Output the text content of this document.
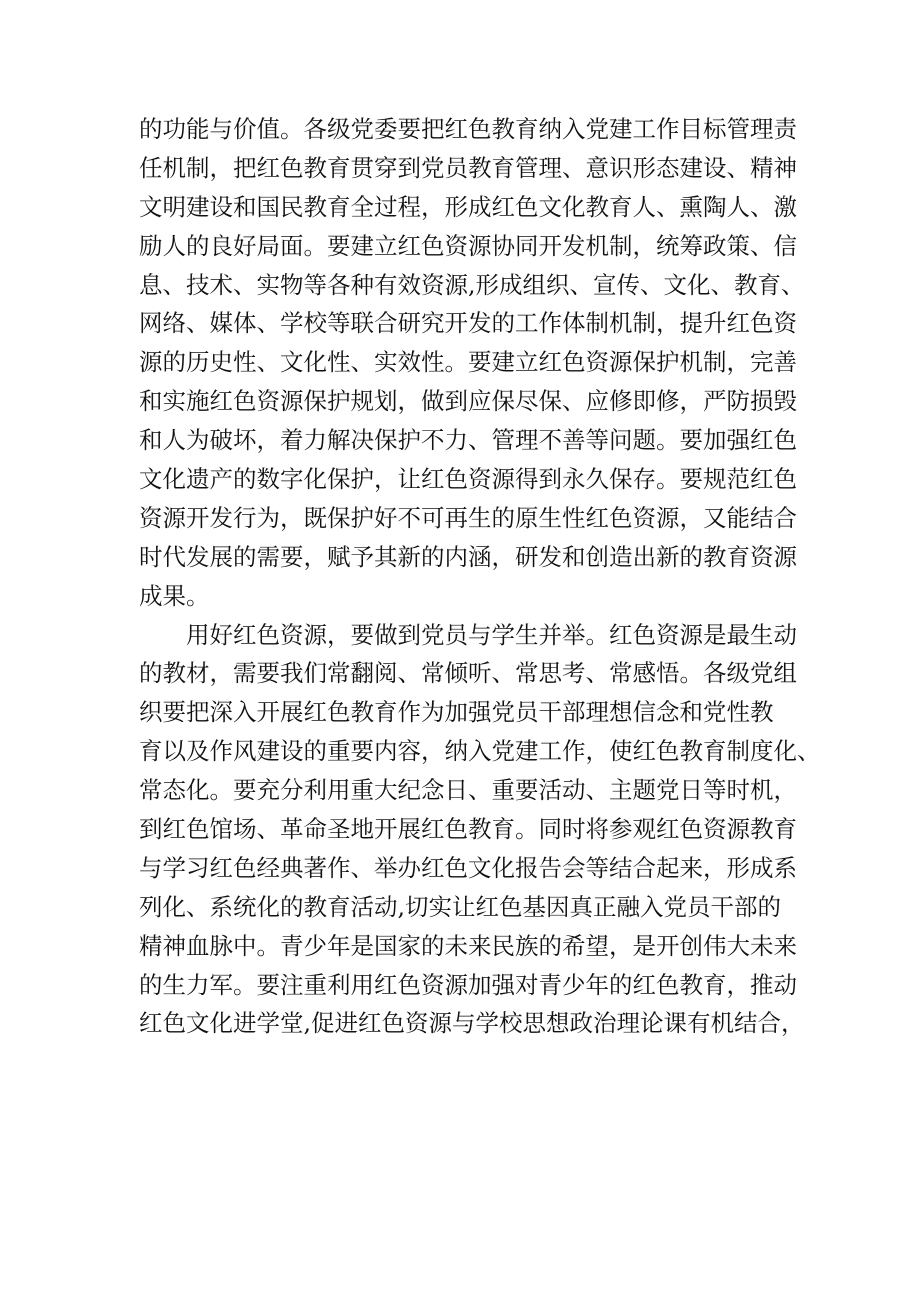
的功能与价值。各级党委要把红色教育纳入党建工作目标管理责
任机制，把红色教育贯穿到党员教育管理、意识形态建设、精神
文明建设和国民教育全过程，形成红色文化教育人、熏陶人、激
励人的良好局面。要建立红色资源协同开发机制，统筹政策、信
息、技术、实物等各种有效资源,形成组织、宣传、文化、教育、
网络、媒体、学校等联合研究开发的工作体制机制，提升红色资
源的历史性、文化性、实效性。要建立红色资源保护机制，完善
和实施红色资源保护规划，做到应保尽保、应修即修，严防损毁
和人为破坏，着力解决保护不力、管理不善等问题。要加强红色
文化遗产的数字化保护，让红色资源得到永久保存。要规范红色
资源开发行为，既保护好不可再生的原生性红色资源，又能结合
时代发展的需要，赋予其新的内涵，研发和创造出新的教育资源
成果。
用好红色资源，要做到党员与学生并举。红色资源是最生动
的教材，需要我们常翻阅、常倾听、常思考、常感悟。各级党组
织要把深入开展红色教育作为加强党员干部理想信念和党性教
育以及作风建设的重要内容，纳入党建工作，使红色教育制度化、
常态化。要充分利用重大纪念日、重要活动、主题党日等时机，
到红色馆场、革命圣地开展红色教育。同时将参观红色资源教育
与学习红色经典著作、举办红色文化报告会等结合起来，形成系
列化、系统化的教育活动,切实让红色基因真正融入党员干部的
精神血脉中。青少年是国家的未来民族的希望，是开创伟大未来
的生力军。要注重利用红色资源加强对青少年的红色教育，推动
红色文化进学堂,促进红色资源与学校思想政治理论课有机结合，
